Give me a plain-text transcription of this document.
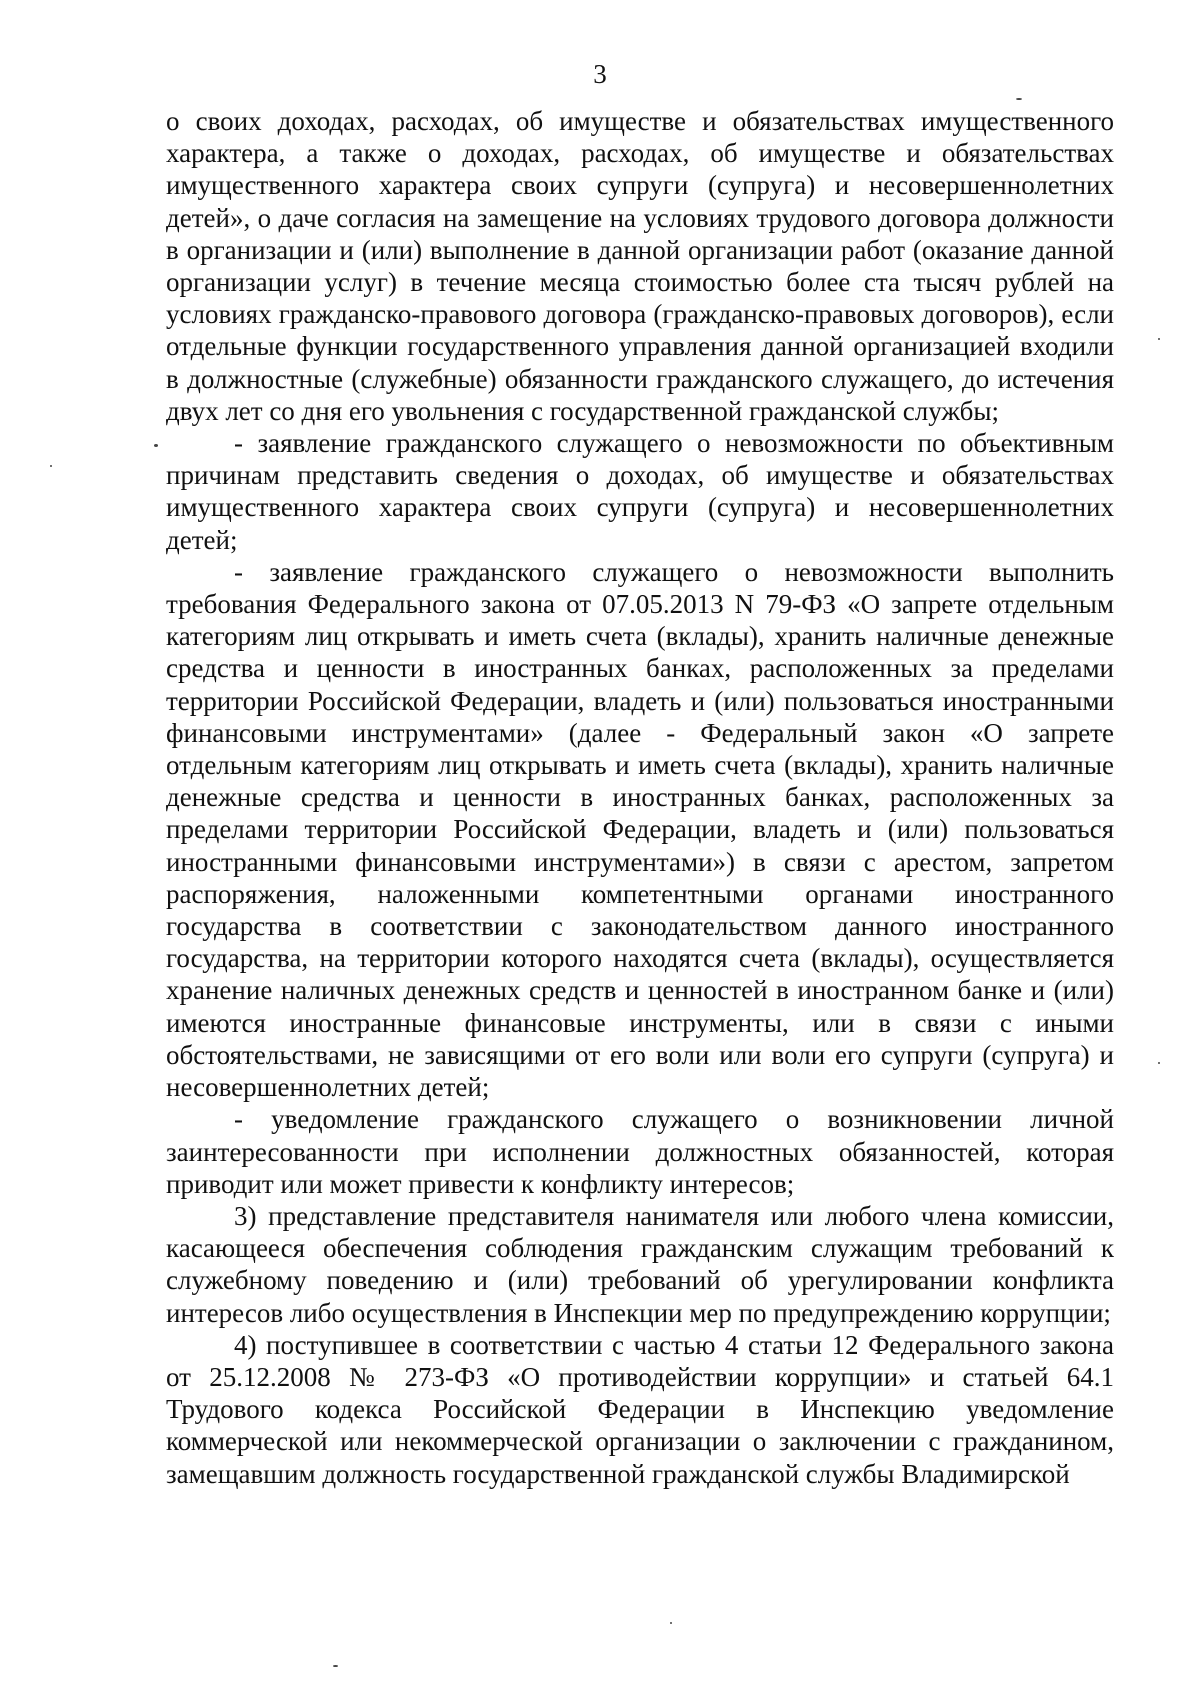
3

о своих доходах, расходах, об имуществе и обязательствах имущественного характера, а также о доходах, расходах, об имуществе и обязательствах имущественного характера своих супруги (супруга) и несовершеннолетних детей», о даче согласия на замещение на условиях трудового договора должности в организации и (или) выполнение в данной организации работ (оказание данной организации услуг) в течение месяца стоимостью более ста тысяч рублей на условиях гражданско-правового договора (гражданско-правовых договоров), если отдельные функции государственного управления данной организацией входили в должностные (служебные) обязанности гражданского служащего, до истечения двух лет со дня его увольнения с государственной гражданской службы;

- заявление гражданского служащего о невозможности по объективным причинам представить сведения о доходах, об имуществе и обязательствах имущественного характера своих супруги (супруга) и несовершеннолетних детей;

- заявление гражданского служащего о невозможности выполнить требования Федерального закона от 07.05.2013 N 79-ФЗ «О запрете отдельным категориям лиц открывать и иметь счета (вклады), хранить наличные денежные средства и ценности в иностранных банках, расположенных за пределами территории Российской Федерации, владеть и (или) пользоваться иностранными финансовыми инструментами» (далее - Федеральный закон «О запрете отдельным категориям лиц открывать и иметь счета (вклады), хранить наличные денежные средства и ценности в иностранных банках, расположенных за пределами территории Российской Федерации, владеть и (или) пользоваться иностранными финансовыми инструментами») в связи с арестом, запретом распоряжения, наложенными компетентными органами иностранного государства в соответствии с законодательством данного иностранного государства, на территории которого находятся счета (вклады), осуществляется хранение наличных денежных средств и ценностей в иностранном банке и (или) имеются иностранные финансовые инструменты, или в связи с иными обстоятельствами, не зависящими от его воли или воли его супруги (супруга) и несовершеннолетних детей;

- уведомление гражданского служащего о возникновении личной заинтересованности при исполнении должностных обязанностей, которая приводит или может привести к конфликту интересов;

3) представление представителя нанимателя или любого члена комиссии, касающееся обеспечения соблюдения гражданским служащим требований к служебному поведению и (или) требований об урегулировании конфликта интересов либо осуществления в Инспекции мер по предупреждению коррупции;

4) поступившее в соответствии с частью 4 статьи 12 Федерального закона от 25.12.2008 № 273-ФЗ «О противодействии коррупции» и статьей 64.1 Трудового кодекса Российской Федерации в Инспекцию уведомление коммерческой или некоммерческой организации о заключении с гражданином, замещавшим должность государственной гражданской службы Владимирской
